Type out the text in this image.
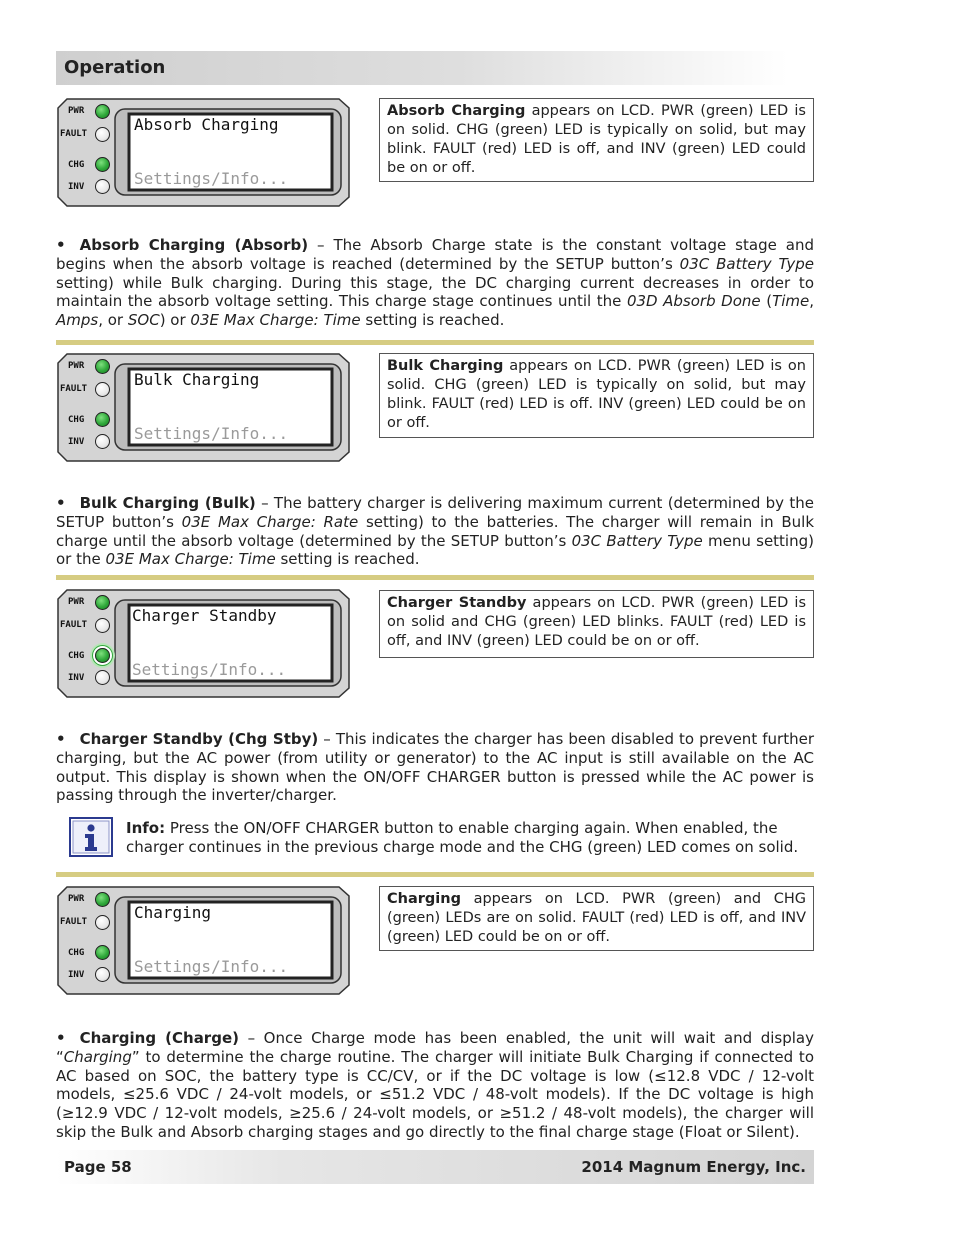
Operation
PWR
FAULT
CHG
INV
Absorb Charging
Settings/Info...
Absorb Charging appears on LCD. PWR (green) LED is on solid. CHG (green) LED is typically on solid, but may blink. FAULT (red) LED is off, and INV (green) LED could be on or off.
• Absorb Charging (Absorb) – The Absorb Charge state is the constant voltage stage and begins when the absorb voltage is reached (determined by the SETUP button’s 03C Battery Type setting) while Bulk charging. During this stage, the DC charging current decreases in order to maintain the absorb voltage setting. This charge stage continues until the 03D Absorb Done (Time, Amps, or SOC) or 03E Max Charge: Time setting is reached.
PWR
FAULT
CHG
INV
Bulk Charging
Settings/Info...
Bulk Charging appears on LCD. PWR (green) LED is on solid. CHG (green) LED is typically on solid, but may blink. FAULT (red) LED is off. INV (green) LED could be on or off.
• Bulk Charging (Bulk) – The battery charger is delivering maximum current (determined by the SETUP button’s 03E Max Charge: Rate setting) to the batteries. The charger will remain in Bulk charge until the absorb voltage (determined by the SETUP button’s 03C Battery Type menu setting) or the 03E Max Charge: Time setting is reached.
PWR
FAULT
CHG
INV
Charger Standby
Settings/Info...
Charger Standby appears on LCD. PWR (green) LED is on solid and CHG (green) LED blinks. FAULT (red) LED is off, and INV (green) LED could be on or off.
• Charger Standby (Chg Stby) – This indicates the charger has been disabled to prevent further charging, but the AC power (from utility or generator) to the AC input is still available on the AC output. This display is shown when the ON/OFF CHARGER button is pressed while the AC power is passing through the inverter/charger.
Info: Press the ON/OFF CHARGER button to enable charging again. When enabled, the charger continues in the previous charge mode and the CHG (green) LED comes on solid.
PWR
FAULT
CHG
INV
Charging
Settings/Info...
Charging appears on LCD. PWR (green) and CHG (green) LEDs are on solid. FAULT (red) LED is off, and INV (green) LED could be on or off.
• Charging (Charge) – Once Charge mode has been enabled, the unit will wait and display “Charging” to determine the charge routine. The charger will initiate Bulk Charging if connected to AC based on SOC, the battery type is CC/CV, or if the DC voltage is low (≤12.8 VDC / 12-volt models, ≤25.6 VDC / 24-volt models, or ≤51.2 VDC / 48-volt models). If the DC voltage is high (≥12.9 VDC / 12-volt models, ≥25.6 / 24-volt models, or ≥51.2 / 48-volt models), the charger will skip the Bulk and Absorb charging stages and go directly to the final charge stage (Float or Silent).
Page 58	2014 Magnum Energy, Inc.
